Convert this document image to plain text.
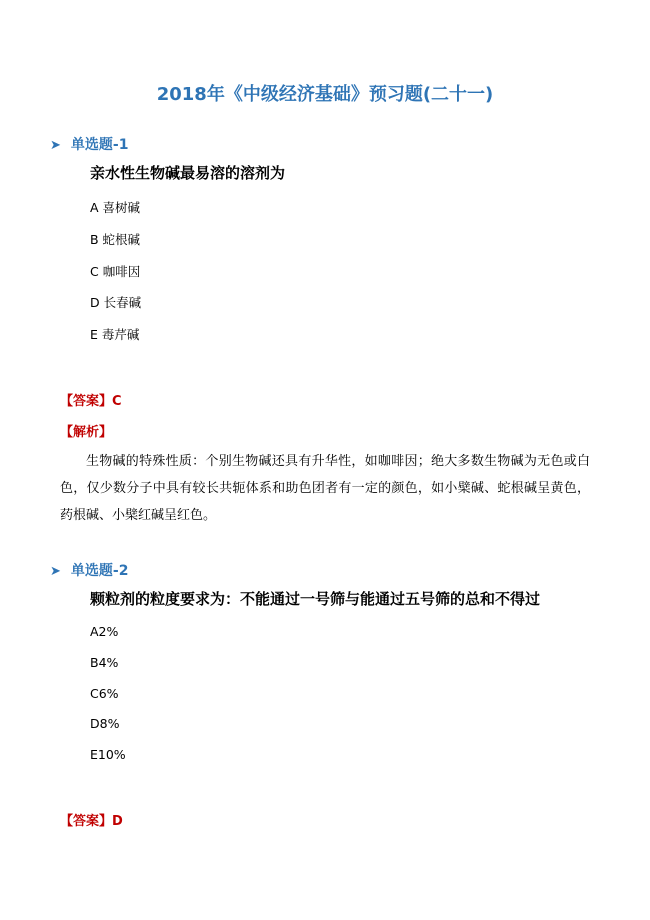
2018年《中级经济基础》预习题(二十一)
➤ 单选题-1
亲水性生物碱最易溶的溶剂为
A 喜树碱
B 蛇根碱
C 咖啡因
D 长春碱
E 毒芹碱
【答案】C
【解析】
生物碱的特殊性质：个别生物碱还具有升华性，如咖啡因；绝大多数生物碱为无色或白色，仅少数分子中具有较长共轭体系和助色团者有一定的颜色，如小檗碱、蛇根碱呈黄色，药根碱、小檗红碱呈红色。
➤ 单选题-2
颗粒剂的粒度要求为：不能通过一号筛与能通过五号筛的总和不得过
A2%
B4%
C6%
D8%
E10%
【答案】D
